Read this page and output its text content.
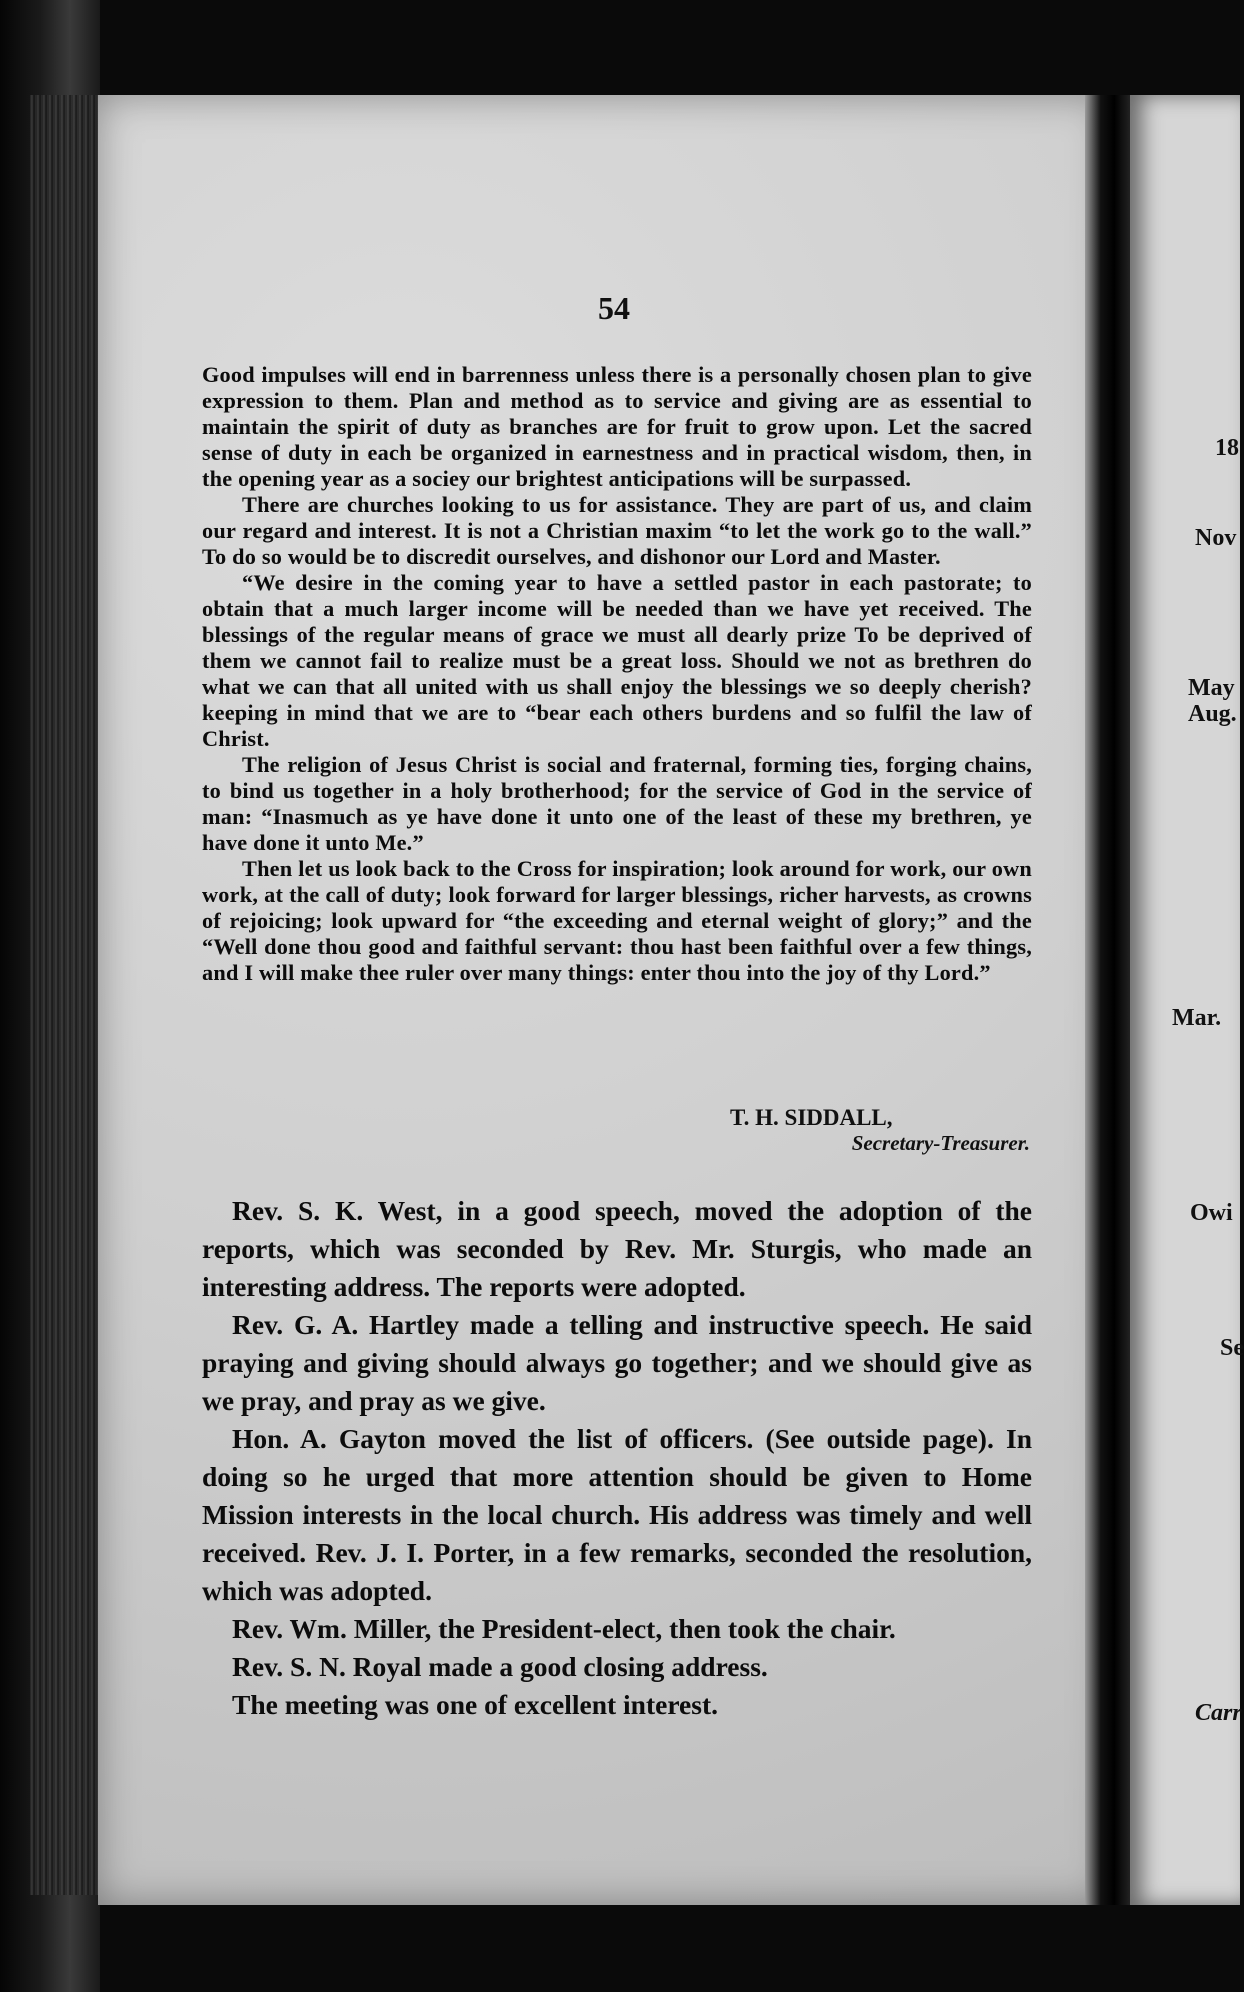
54

Good impulses will end in barrenness unless there is a personally chosen plan to give expression to them. Plan and method as to service and giving are as essential to maintain the spirit of duty as branches are for fruit to grow upon. Let the sacred sense of duty in each be organized in earnestness and in practical wisdom, then, in the opening year as a sociey our brightest anticipations will be surpassed.

There are churches looking to us for assistance. They are part of us, and claim our regard and interest. It is not a Christian maxim “to let the work go to the wall.” To do so would be to discredit ourselves, and dishonor our Lord and Master.

“We desire in the coming year to have a settled pastor in each pastorate; to obtain that a much larger income will be needed than we have yet received. The blessings of the regular means of grace we must all dearly prize To be deprived of them we cannot fail to realize must be a great loss. Should we not as brethren do what we can that all united with us shall enjoy the blessings we so deeply cherish? keeping in mind that we are to “bear each others burdens and so fulfil the law of Christ.

The religion of Jesus Christ is social and fraternal, forming ties, forging chains, to bind us together in a holy brotherhood; for the service of God in the service of man: “Inasmuch as ye have done it unto one of the least of these my brethren, ye have done it unto Me.”

Then let us look back to the Cross for inspiration; look around for work, our own work, at the call of duty; look forward for larger blessings, richer harvests, as crowns of rejoicing; look upward for “the exceeding and eternal weight of glory;” and the “Well done thou good and faithful servant: thou hast been faithful over a few things, and I will make thee ruler over many things: enter thou into the joy of thy Lord.”

T. H. SIDDALL,
Secretary-Treasurer.

Rev. S. K. West, in a good speech, moved the adoption of the reports, which was seconded by Rev. Mr. Sturgis, who made an interesting address. The reports were adopted.

Rev. G. A. Hartley made a telling and instructive speech. He said praying and giving should always go together; and we should give as we pray, and pray as we give.

Hon. A. Gayton moved the list of officers. (See outside page). In doing so he urged that more attention should be given to Home Mission interests in the local church. His address was timely and well received. Rev. J. I. Porter, in a few remarks, seconded the resolution, which was adopted.

Rev. Wm. Miller, the President-elect, then took the chair.

Rev. S. N. Royal made a good closing address.

The meeting was one of excellent interest.

18
Nov
May
Aug.
Mar.
Owi
Se
Carr
